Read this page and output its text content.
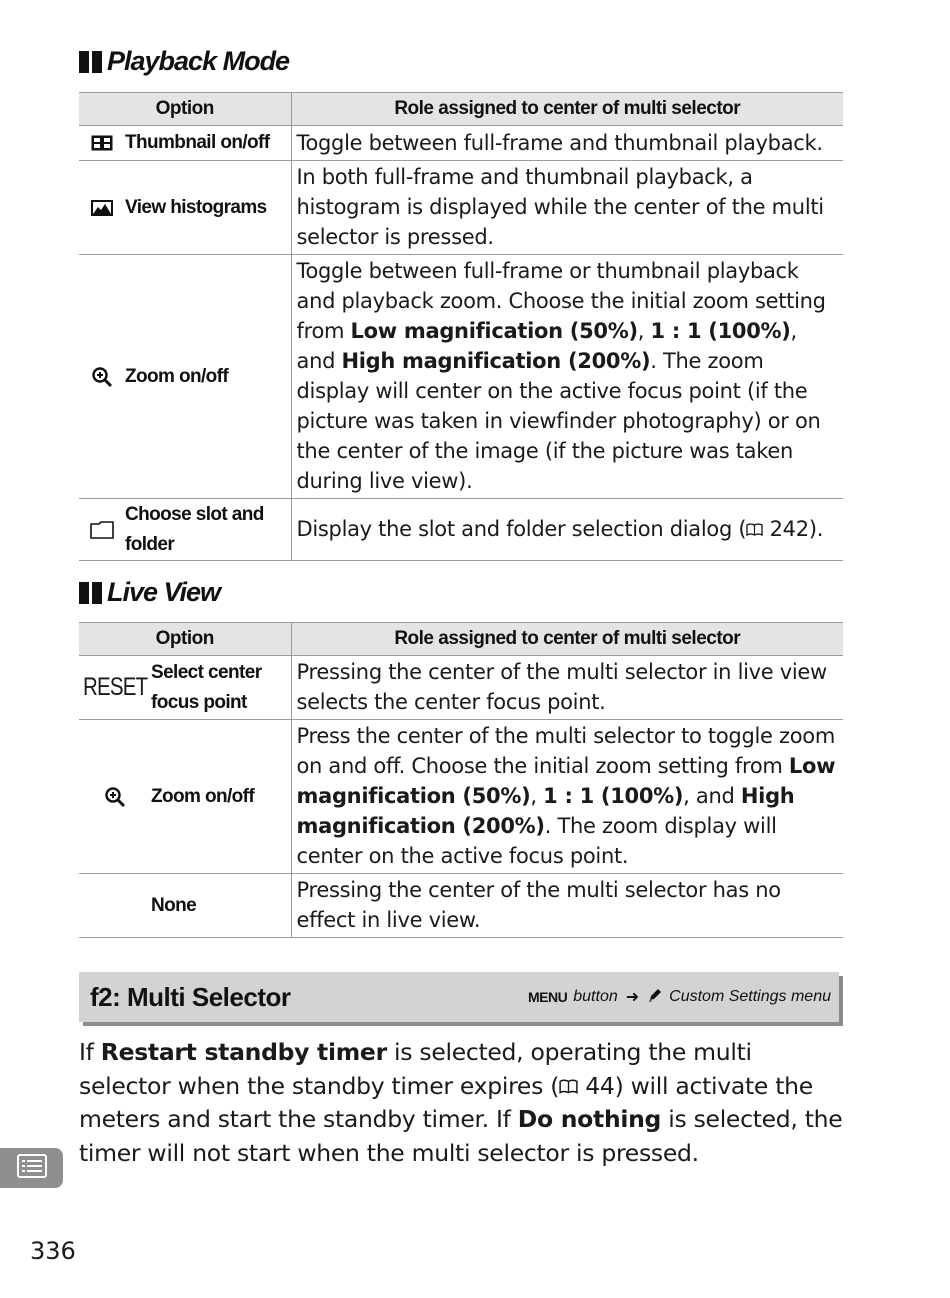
Playback Mode
Option	Role assigned to center of multi selector

Thumbnail on/off	Toggle between full-frame and thumbnail playback.

View histograms	In both full-frame and thumbnail playback, a histogram is displayed while the center of the multi selector is pressed.

Zoom on/off	Toggle between full-frame or thumbnail playback and playback zoom. Choose the initial zoom setting from Low magnification (50%), 1 : 1 (100%), and High magnification (200%). The zoom display will center on the active focus point (if the picture was taken in viewfinder photography) or on the center of the image (if the picture was taken during live view).

Choose slot and folder	Display the slot and folder selection dialog ( 242).
Live View
Option	Role assigned to center of multi selector

RESET
Select center focus point	Pressing the center of the multi selector in live view selects the center focus point.

Zoom on/off	Press the center of the multi selector to toggle zoom on and off. Choose the initial zoom setting from Low magnification (50%), 1 : 1 (100%), and High magnification (200%). The zoom display will center on the active focus point.

None	Pressing the center of the multi selector has no effect in live view.
f2: Multi Selector	MENU button ➜ Custom Settings menu
If Restart standby timer is selected, operating the multi selector when the standby timer expires ( 44) will activate the meters and start the standby timer. If Do nothing is selected, the timer will not start when the multi selector is pressed.
336
